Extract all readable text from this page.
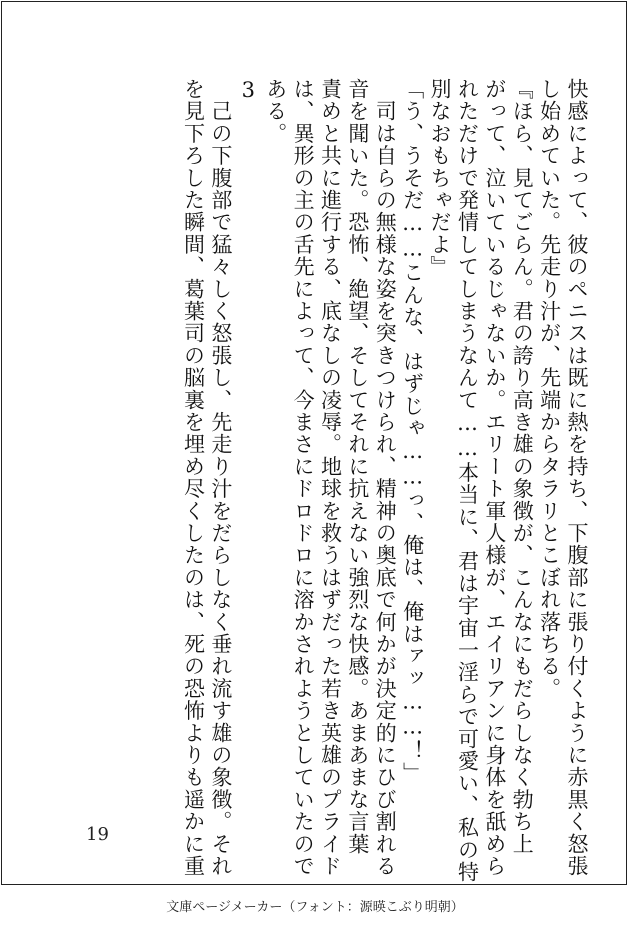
快感によって、彼のペニスは既に熱を持ち、下腹部に張り付くように赤黒く怒張
し始めていた。先走り汁が、先端からタラリとこぼれ落ちる。
『ほら、見てごらん。君の誇り高き雄の象徴が、こんなにもだらしなく勃ち上
がって、泣いているじゃないか。エリート軍人様が、エイリアンに身体を舐めら
れただけで発情してしまうなんて……本当に、君は宇宙一淫らで可愛い、私の特
別なおもちゃだよ』
「う、うそだ……こんな、はずじゃ……っ、俺は、俺はァッ……！」
　司は自らの無様な姿を突きつけられ、精神の奥底で何かが決定的にひび割れる
音を聞いた。恐怖、絶望、そしてそれに抗えない強烈な快感。あまあまな言葉
責めと共に進行する、底なしの凌辱。地球を救うはずだった若き英雄のプライド
は、異形の主の舌先によって、今まさにドロドロに溶かされようとしていたので
ある。
3
　己の下腹部で猛々しく怒張し、先走り汁をだらしなく垂れ流す雄の象徴。それ
を見下ろした瞬間、葛葉司の脳裏を埋め尽くしたのは、死の恐怖よりも遥かに重
19
文庫ページメーカー（フォント：源暎こぶり明朝）
